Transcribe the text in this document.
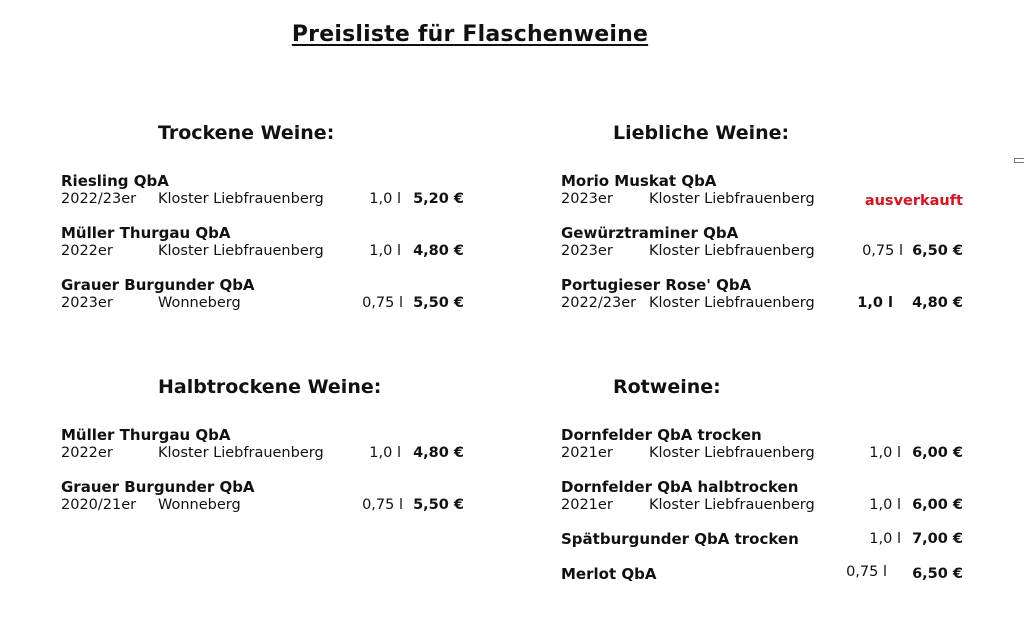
Preisliste für Flaschenweine
Trockene Weine:
Riesling QbA
2022/23er Kloster Liebfrauenberg	1,0 l 5,20 €
Müller Thurgau QbA
2022er	Kloster Liebfrauenberg	1,0 l 4,80 €
Grauer Burgunder QbA
2023er	Wonneberg	0,75 l 5,50 €
Liebliche Weine:
Morio Muskat QbA
2023er Kloster Liebfrauenberg	ausverkauft
Gewürztraminer QbA
2023er Kloster Liebfrauenberg	0,75 l 6,50 €
Portugieser Rose' QbA
2022/23er Kloster Liebfrauenberg	1,0 l 4,80 €
Halbtrockene Weine:
Müller Thurgau QbA
2022er	Kloster Liebfrauenberg	1,0 l 4,80 €
Grauer Burgunder QbA
2020/21er Wonneberg	0,75 l 5,50 €
Rotweine:
Dornfelder QbA trocken
2021er Kloster Liebfrauenberg	1,0 l 6,00 €
Dornfelder QbA halbtrocken
2021er Kloster Liebfrauenberg	1,0 l 6,00 €
Spätburgunder QbA trocken	1,0 l 7,00 €
Merlot QbA	0,75 l 6,50 €
